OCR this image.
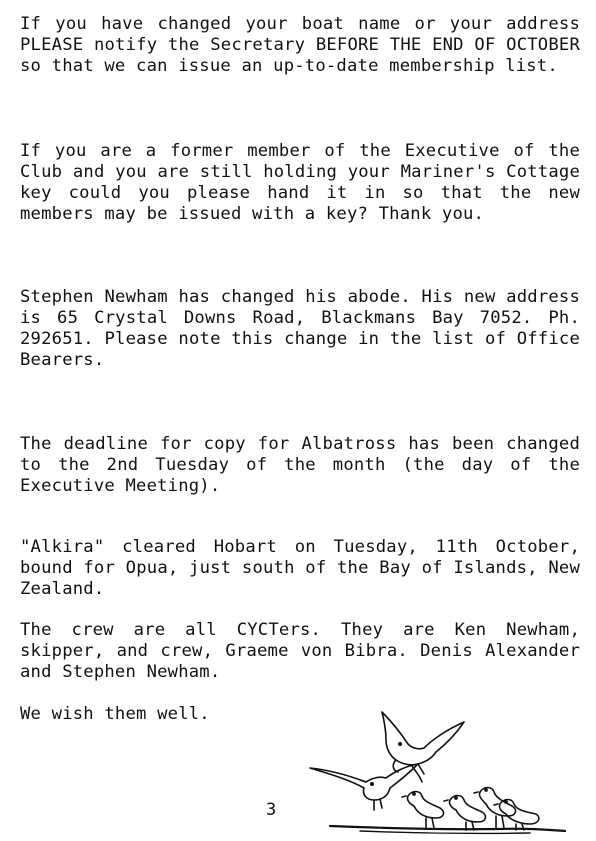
If you have changed your boat name or your address PLEASE notify the Secretary BEFORE THE END OF OCTOBER so that we can issue an up-to-date membership list.

If you are a former member of the Executive of the Club and you are still holding your Mariner's Cottage key could you please hand it in so that the new members may be issued with a key? Thank you.

Stephen Newham has changed his abode. His new address is 65 Crystal Downs Road, Blackmans Bay 7052. Ph. 292651. Please note this change in the list of Office Bearers.

The deadline for copy for Albatross has been changed to the 2nd Tuesday of the month (the day of the Executive Meeting).

"Alkira" cleared Hobart on Tuesday, 11th October, bound for Opua, just south of the Bay of Islands, New Zealand.

The crew are all CYCTers. They are Ken Newham, skipper, and crew, Graeme von Bibra. Denis Alexander and Stephen Newham.

We wish them well.

3
